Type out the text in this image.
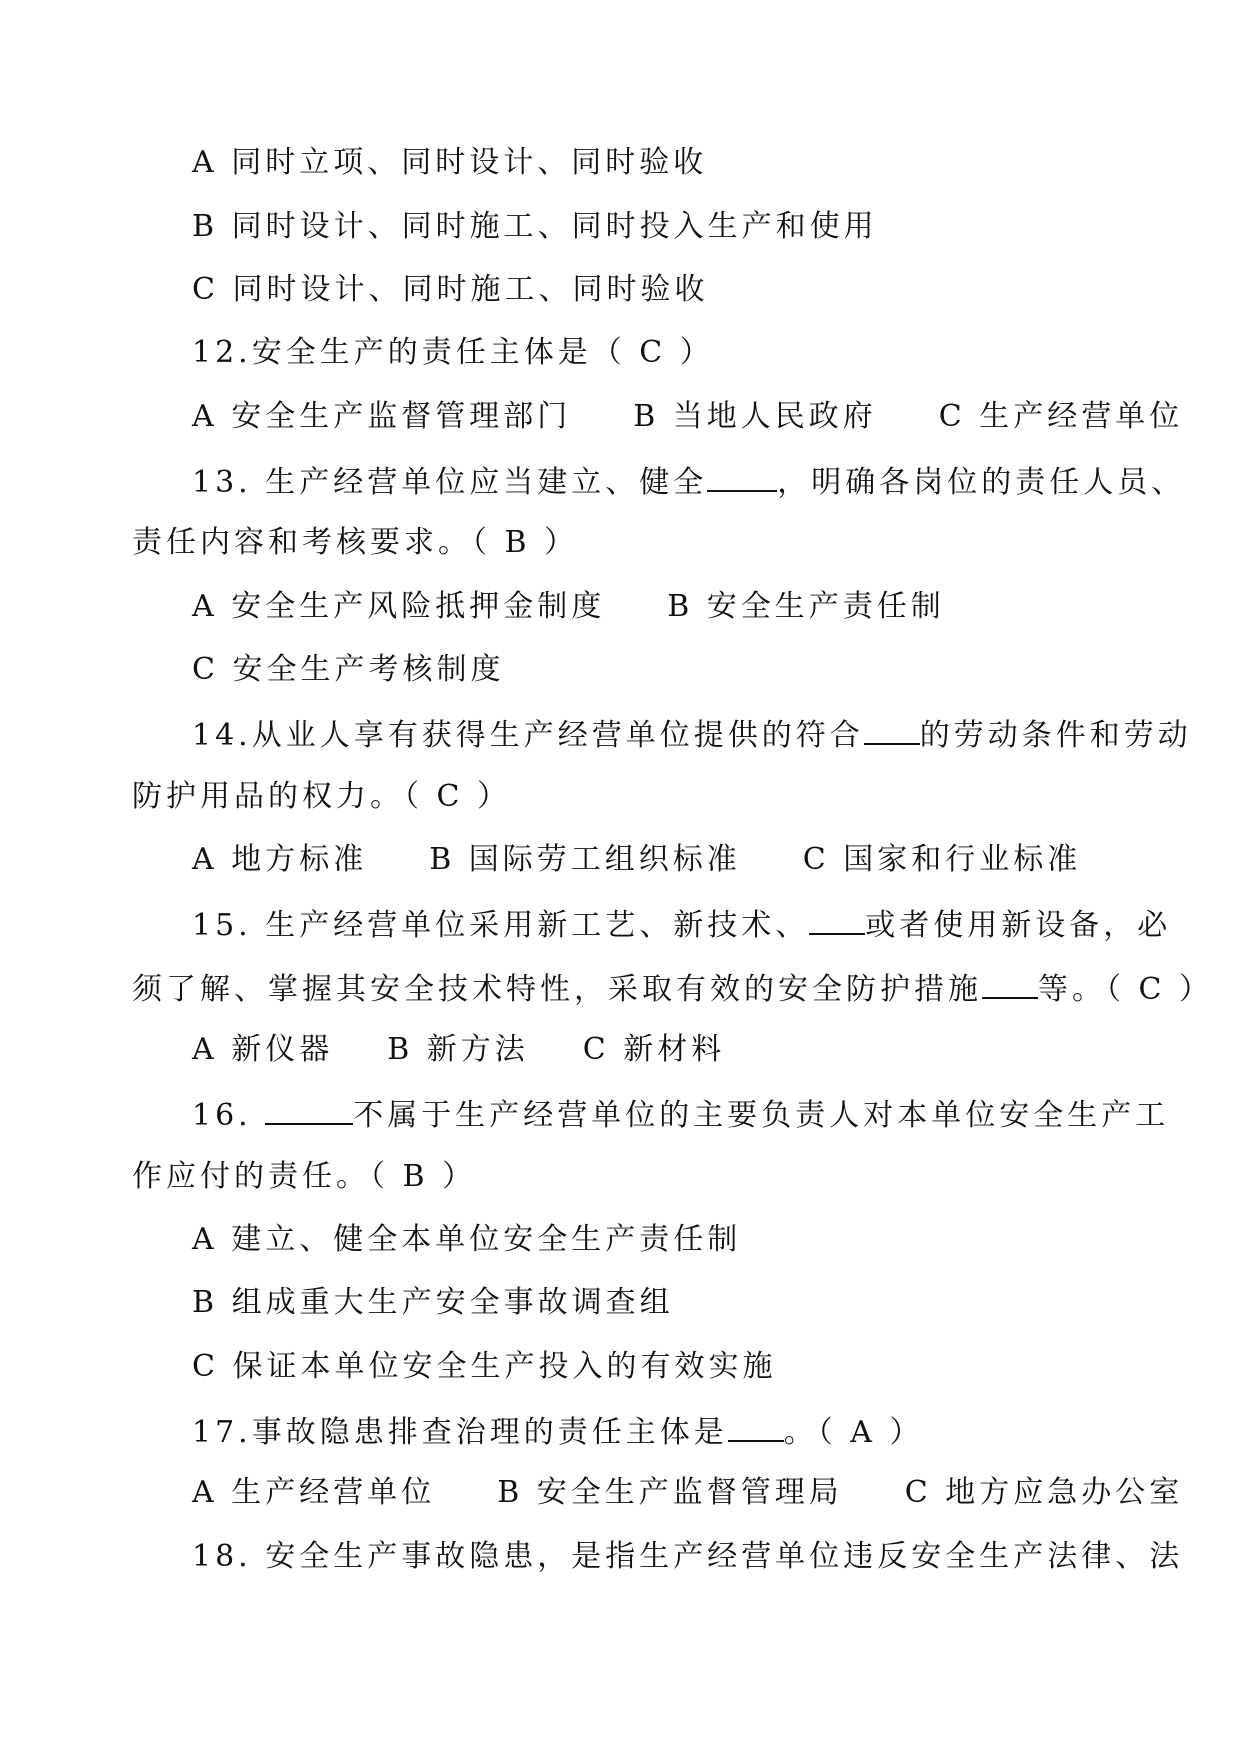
A 同时立项、同时设计、同时验收
B 同时设计、同时施工、同时投入生产和使用
C 同时设计、同时施工、同时验收
12.安全生产的责任主体是（ C ）
A 安全生产监督管理部门 B 当地人民政府 C 生产经营单位
13. 生产经营单位应当建立、健全 ，明确各岗位的责任人员、
责任内容和考核要求。（ B ）
A 安全生产风险抵押金制度 B 安全生产责任制
C 安全生产考核制度
14.从业人享有获得生产经营单位提供的符合 的劳动条件和劳动
防护用品的权力。（ C ）
A 地方标准 B 国际劳工组织标准 C 国家和行业标准
15. 生产经营单位采用新工艺、新技术、 或者使用新设备，必
须了解、掌握其安全技术特性，采取有效的安全防护措施 等。（ C ）
A 新仪器 B 新方法 C 新材料
16.	不属于生产经营单位的主要负责人对本单位安全生产工
作应付的责任。（ B ）
A 建立、健全本单位安全生产责任制
B 组成重大生产安全事故调查组
C 保证本单位安全生产投入的有效实施
17.事故隐患排查治理的责任主体是 。（ A ）
A 生产经营单位 B 安全生产监督管理局 C 地方应急办公室
18. 安全生产事故隐患，是指生产经营单位违反安全生产法律、法
